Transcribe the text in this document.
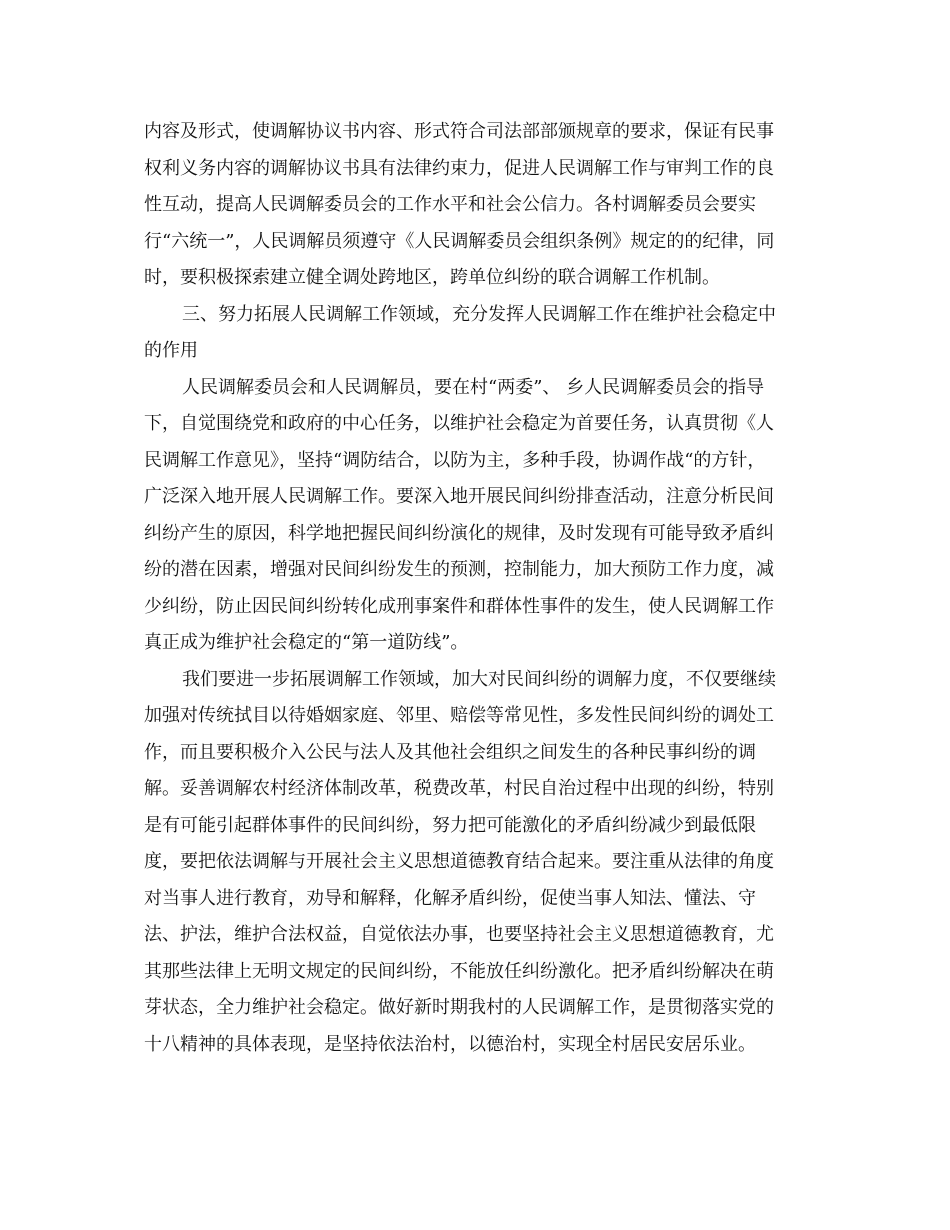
内容及形式，使调解协议书内容、形式符合司法部部颁规章的要求，保证有民事
权利义务内容的调解协议书具有法律约束力，促进人民调解工作与审判工作的良
性互动，提高人民调解委员会的工作水平和社会公信力。各村调解委员会要实
行“六统一”，人民调解员须遵守《人民调解委员会组织条例》规定的的纪律，同
时，要积极探索建立健全调处跨地区，跨单位纠纷的联合调解工作机制。
三、努力拓展人民调解工作领域，充分发挥人民调解工作在维护社会稳定中
的作用
人民调解委员会和人民调解员，要在村“两委”、 乡人民调解委员会的指导
下，自觉围绕党和政府的中心任务，以维护社会稳定为首要任务，认真贯彻《人
民调解工作意见》，坚持“调防结合，以防为主，多种手段，协调作战“的方针，
广泛深入地开展人民调解工作。要深入地开展民间纠纷排查活动，注意分析民间
纠纷产生的原因，科学地把握民间纠纷演化的规律，及时发现有可能导致矛盾纠
纷的潜在因素，增强对民间纠纷发生的预测，控制能力，加大预防工作力度，减
少纠纷，防止因民间纠纷转化成刑事案件和群体性事件的发生，使人民调解工作
真正成为维护社会稳定的“第一道防线”。
我们要进一步拓展调解工作领域，加大对民间纠纷的调解力度，不仅要继续
加强对传统拭目以待婚姻家庭、邻里、赔偿等常见性，多发性民间纠纷的调处工
作，而且要积极介入公民与法人及其他社会组织之间发生的各种民事纠纷的调
解。妥善调解农村经济体制改革，税费改革，村民自治过程中出现的纠纷，特别
是有可能引起群体事件的民间纠纷，努力把可能激化的矛盾纠纷减少到最低限
度，要把依法调解与开展社会主义思想道德教育结合起来。要注重从法律的角度
对当事人进行教育，劝导和解释，化解矛盾纠纷，促使当事人知法、懂法、守
法、护法，维护合法权益，自觉依法办事，也要坚持社会主义思想道德教育，尤
其那些法律上无明文规定的民间纠纷，不能放任纠纷激化。把矛盾纠纷解决在萌
芽状态，全力维护社会稳定。做好新时期我村的人民调解工作，是贯彻落实党的
十八精神的具体表现，是坚持依法治村，以德治村，实现全村居民安居乐业。
